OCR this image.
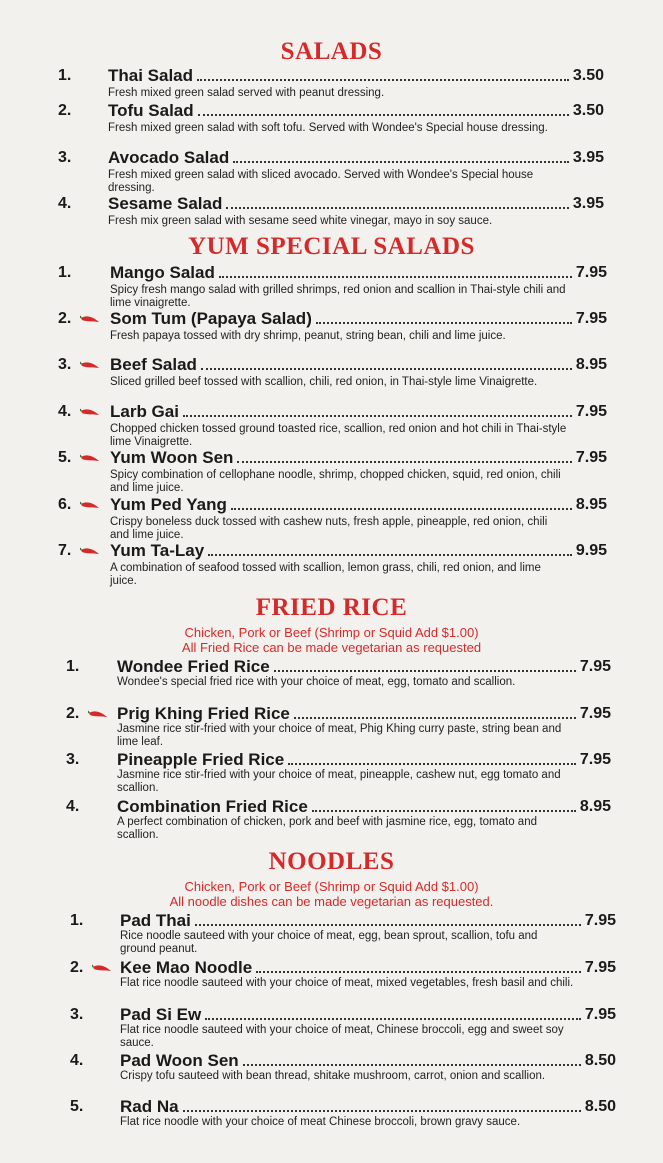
SALADS
1. Thai Salad	3.50
Fresh mixed green salad served with peanut dressing.
2. Tofu Salad	3.50
Fresh mixed green salad with soft tofu. Served with Wondee's Special house dressing.
3. Avocado Salad	3.95
Fresh mixed green salad with sliced avocado. Served with Wondee's Special house dressing.
4. Sesame Salad	3.95
Fresh mix green salad with sesame seed white vinegar, mayo in soy sauce.
YUM SPECIAL SALADS
1. Mango Salad	7.95
Spicy fresh mango salad with grilled shrimps, red onion and scallion in Thai-style chili and lime vinaigrette.
2. Som Tum (Papaya Salad)	7.95
Fresh papaya tossed with dry shrimp, peanut, string bean, chili and lime juice.
3. Beef Salad	8.95
Sliced grilled beef tossed with scallion, chili, red onion, in Thai-style lime Vinaigrette.
4. Larb Gai	7.95
Chopped chicken tossed ground toasted rice, scallion, red onion and hot chili in Thai-style lime Vinaigrette.
5. Yum Woon Sen	7.95
Spicy combination of cellophane noodle, shrimp, chopped chicken, squid, red onion, chili and lime juice.
6. Yum Ped Yang	8.95
Crispy boneless duck tossed with cashew nuts, fresh apple, pineapple, red onion, chili and lime juice.
7. Yum Ta-Lay	9.95
A combination of seafood tossed with scallion, lemon grass, chili, red onion, and lime juice.
FRIED RICE
Chicken, Pork or Beef (Shrimp or Squid Add $1.00)
All Fried Rice can be made vegetarian as requested
1. Wondee Fried Rice	7.95
Wondee's special fried rice with your choice of meat, egg, tomato and scallion.
2. Prig Khing Fried Rice	7.95
Jasmine rice stir-fried with your choice of meat, Phig Khing curry paste, string bean and lime leaf.
3. Pineapple Fried Rice	7.95
Jasmine rice stir-fried with your choice of meat, pineapple, cashew nut, egg tomato and scallion.
4. Combination Fried Rice	8.95
A perfect combination of chicken, pork and beef with jasmine rice, egg, tomato and scallion.
NOODLES
Chicken, Pork or Beef (Shrimp or Squid Add $1.00)
All noodle dishes can be made vegetarian as requested.
1. Pad Thai	7.95
Rice noodle sauteed with your choice of meat, egg, bean sprout, scallion, tofu and ground peanut.
2. Kee Mao Noodle	7.95
Flat rice noodle sauteed with your choice of meat, mixed vegetables, fresh basil and chili.
3. Pad Si Ew	7.95
Flat rice noodle sauteed with your choice of meat, Chinese broccoli, egg and sweet soy sauce.
4. Pad Woon Sen	8.50
Crispy tofu sauteed with bean thread, shitake mushroom, carrot, onion and scallion.
5. Rad Na	8.50
Flat rice noodle with your choice of meat Chinese broccoli, brown gravy sauce.
